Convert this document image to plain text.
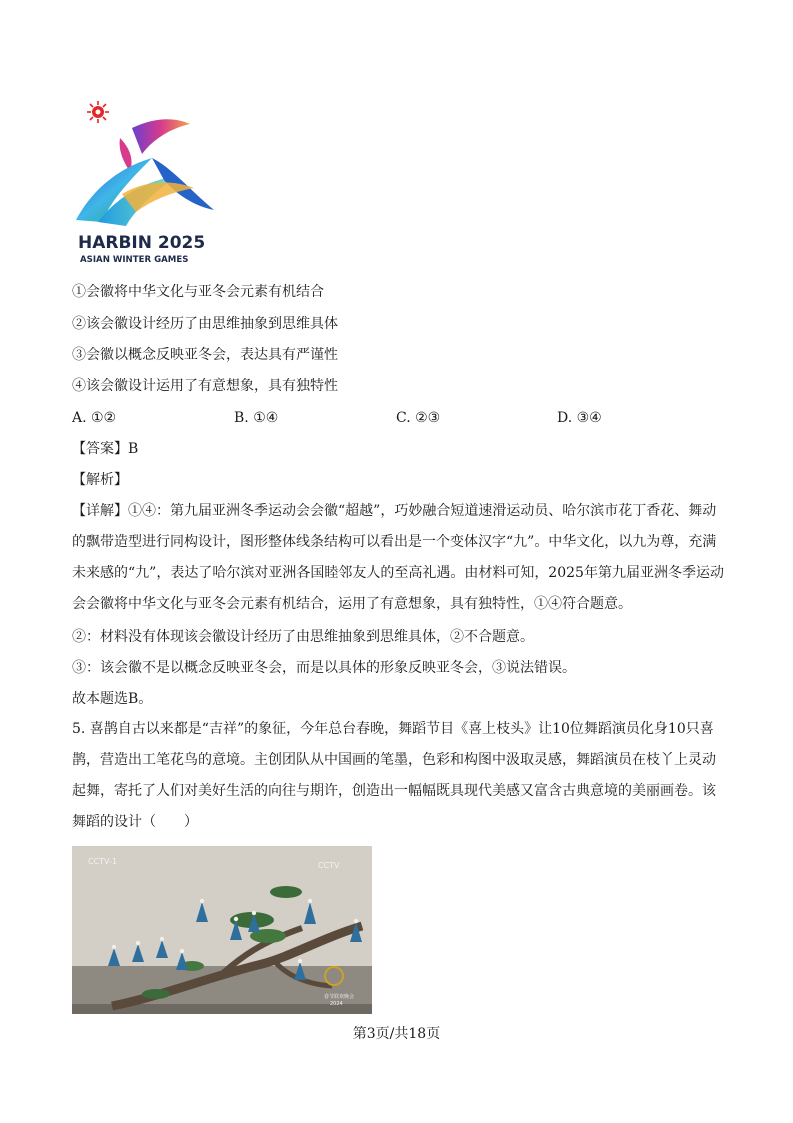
HARBIN 2025
ASIAN WINTER GAMES
①会徽将中华文化与亚冬会元素有机结合
②该会徽设计经历了由思维抽象到思维具体
③会徽以概念反映亚冬会，表达具有严谨性
④该会徽设计运用了有意想象，具有独特性
A. ①②	B. ①④	C. ②③	D. ③④
【答案】B
【解析】
【详解】①④：第九届亚洲冬季运动会会徽“超越”，巧妙融合短道速滑运动员、哈尔滨市花丁香花、舞动的飘带造型进行同构设计，图形整体线条结构可以看出是一个变体汉字“九”。中华文化，以九为尊，充满未来感的“九”，表达了哈尔滨对亚洲各国睦邻友人的至高礼遇。由材料可知，2025年第九届亚洲冬季运动会会徽将中华文化与亚冬会元素有机结合，运用了有意想象，具有独特性，①④符合题意。
②：材料没有体现该会徽设计经历了由思维抽象到思维具体，②不合题意。
③：该会徽不是以概念反映亚冬会，而是以具体的形象反映亚冬会，③说法错误。
故本题选B。
5. 喜鹊自古以来都是“吉祥”的象征，今年总台春晚，舞蹈节目《喜上枝头》让10位舞蹈演员化身10只喜鹊，营造出工笔花鸟的意境。主创团队从中国画的笔墨，色彩和构图中汲取灵感，舞蹈演员在枝丫上灵动起舞，寄托了人们对美好生活的向往与期许，创造出一幅幅既具现代美感又富含古典意境的美丽画卷。该舞蹈的设计（　　）
CCTV-1	CCTV
春节联欢晚会
2024
第3页/共18页
